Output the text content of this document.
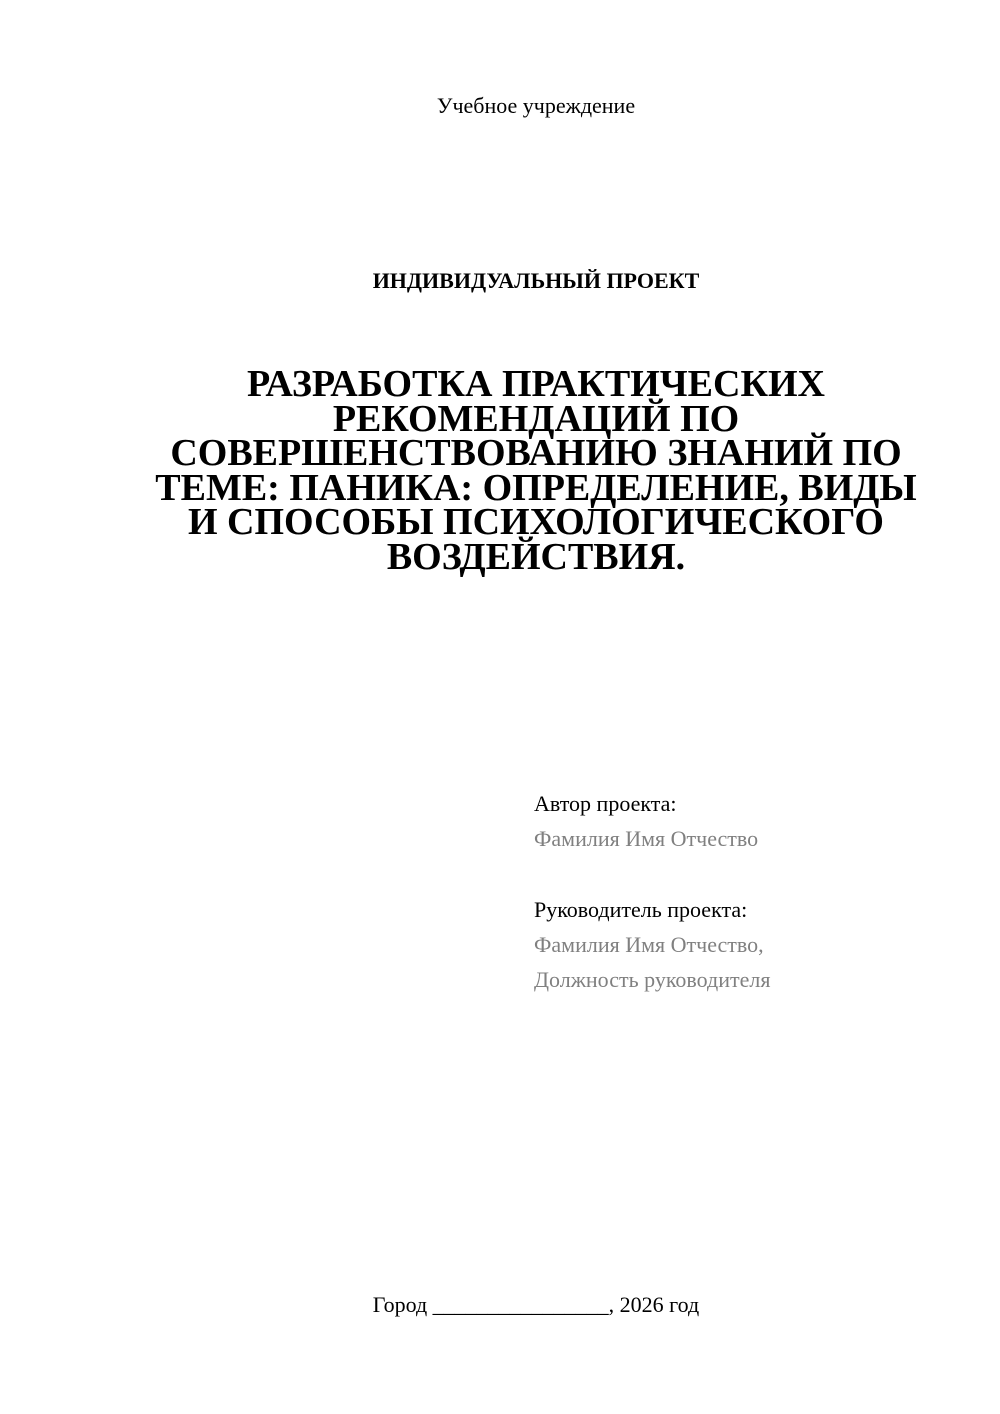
Учебное учреждение
ИНДИВИДУАЛЬНЫЙ ПРОЕКТ
РАЗРАБОТКА ПРАКТИЧЕСКИХ РЕКОМЕНДАЦИЙ ПО СОВЕРШЕНСТВОВАНИЮ ЗНАНИЙ ПО ТЕМЕ: ПАНИКА: ОПРЕДЕЛЕНИЕ, ВИДЫ И СПОСОБЫ ПСИХОЛОГИЧЕСКОГО ВОЗДЕЙСТВИЯ.
Автор проекта:
Фамилия Имя Отчество
Руководитель проекта:
Фамилия Имя Отчество,
Должность руководителя
Город ________________, 2026 год
